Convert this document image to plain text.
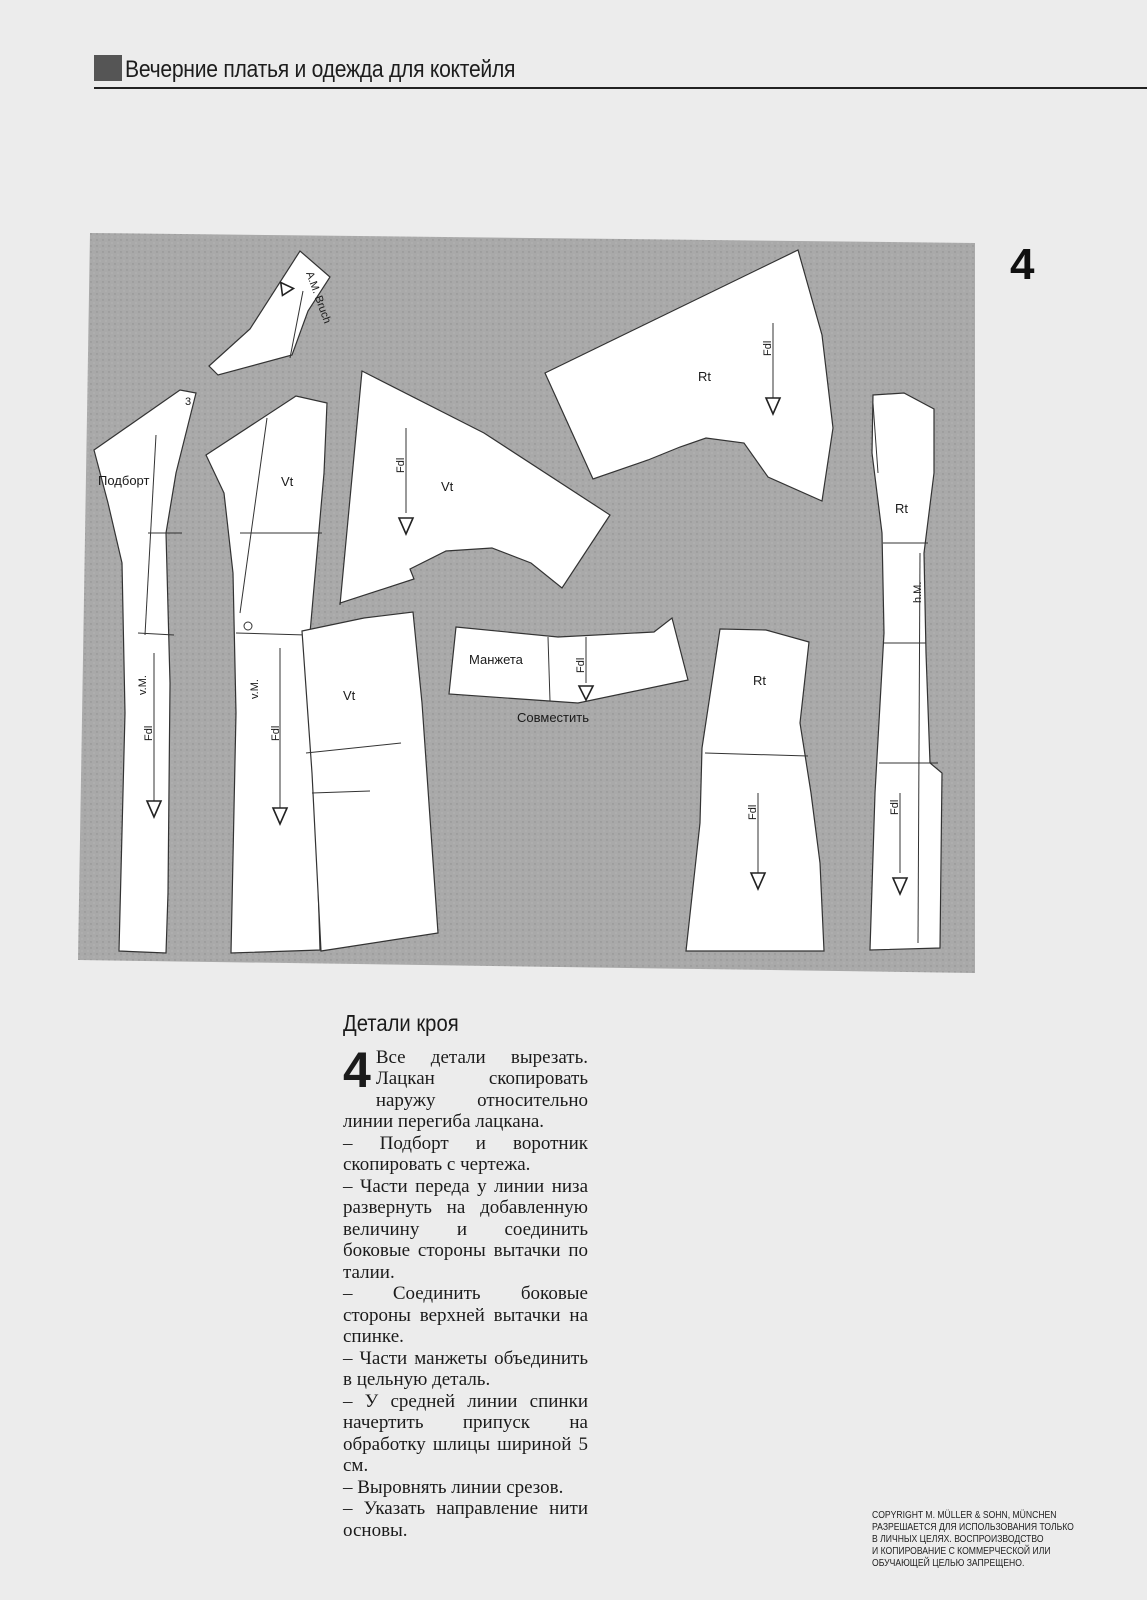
Вечерние платья и одежда для коктейля
4
A.M. Bruch
Подборт
3
v.M.
Fdl
Vt
v.M.
Fdl
Vt
Vt
Fdl
Rt
Fdl
Манжета	Fdl
Совместить
Rt
Fdl
Rt
h.M.
Fdl
Детали кроя
4 Все детали вырезать. Лацкан скопировать наружу относительно линии перегиба лацкана.

– Подборт и воротник скопировать с чертежа.

– Части переда у линии низа развернуть на добавленную величину и соединить боковые стороны вытачки по талии.

– Соединить боковые стороны верхней вытачки на спинке.

– Части манжеты объединить в цельную деталь.

– У средней линии спинки начертить припуск на обработку шлицы шириной 5 см.

– Выровнять линии срезов.

– Указать направление нити основы.

COPYRIGHT M. MÜLLER & SOHN, MÜNCHEN
РАЗРЕШАЕТСЯ ДЛЯ ИСПОЛЬЗОВАНИЯ ТОЛЬКО
В ЛИЧНЫХ ЦЕЛЯХ. ВОСПРОИЗВОДСТВО
И КОПИРОВАНИЕ С КОММЕРЧЕСКОЙ ИЛИ
ОБУЧАЮЩЕЙ ЦЕЛЬЮ ЗАПРЕЩЕНО.
